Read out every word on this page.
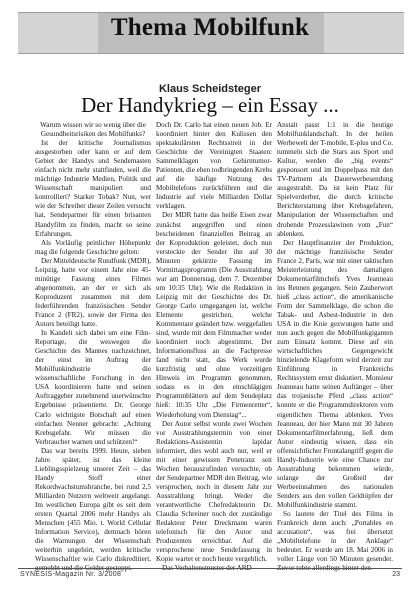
Thema Mobilfunk
Klaus Scheidsteger
Der Handykrieg – ein Essay ...

Warum wissen wir so wenig über die Gesundheitsrisiken des Mobilfunks?

Ist der kritische Journalismus ausgestorben oder kann er auf dem Gebiet der Handys und Sendemasten einfach nicht mehr stattfinden, weil die mächtige Industrie Medien, Politik und Wissenschaft manipuliert und kontrolliert? Starker Tobak? Nun, wer wie der Schreiber dieser Zeilen versucht hat, Sendepartner für einen brisanten Handyfilm zu finden, macht so seine Erfahrungen.

Als Vorläufig peinlicher Höhepunkt mag die folgende Geschichte gelten:

Der Mitteldeutsche Rundfunk (MDR), Leipzig, hatte vor einem Jahr eine 45-minütige Fassung eines Filmes abgenommen, an der er sich als Koproduzent zusammen mit dem federführenden französischen Sender France 2 (FR2), sowie der Firma des Autors beteiligt hatte.

In Kandelt sich dabei um eine Film-Reportage, die weswegen die Geschichte des Mannes nachzeichnet, der einst im Auftrag der Mobilfunkindustrie die wissenschaftliche Forschung in den USA koordinieren hatte und seinen Auftraggeber zunehmend unerwünschte Ergebnisse präsentierte. Dr. George Carlo wichtigste Botschaft auf einen einfachen Nenner gebracht: „Achtung Krebsgefahr. Wir müssen die Verbraucher warnen und schützen!“

Das war bereits 1999. Heute, sieben Jahre später, ist das kleine Lieblingsspielzeug unserer Zeit – das Handy Stoff einer Rekordwachstumsbranche, bei rund 2,5 Milliarden Nutzern weltweit angelangt. Im westlichen Europa gibt es seit dem ersten Quartal 2006 mehr Handys als Menschen (455 Mio. t. World Cellular Information Service), demnach hören die Warnungen der Wissenschaft weiterhin ungehört, werden kritische Wissenschaftler wie Carlo diskreditiert,

Doch Dr. Carlo hat einen neuen Job. Er koordiniert hinter den Kulissen den spektakulärsten Rechtsstreit in der Geschichte der Vereinigten Staaten: Sammelklagen von Gehirntumor-Patienten, die eben todbringenden Krebs auf die häufige Nutzung des Mobiltelefons zurückführen und die Industrie auf viele Milliarden Dollar verklagen.

Der MDR hatte das heiße Eisen zwar zunächst angegriffen und einen bescheidenen finanziellen Beitrag an der Koproduktion geleistet, doch nun versteckte der Sender ihn auf 30 Minuten gekürzte Fassung im Vormittagsprogramm (Die Ausstrahlung war am Donnerstag, dem 7. Dezember um 10:35 Uhr). Wie die Redaktion in Leipzig mit der Geschichte des Dr. George Carlo umgegangen ist, welche Elemente gestrichen, welche Kommentare geändert bzw. weggefallen sind, wurde mit dem Filmmacher weder koordiniert noch abgestimmt. Der Informationsfluss an die Fachpresse fand nicht statt, das Werk wurde kurzfristig und ohne vorzeitigen Hinweis im Programm genommen, sodass es in den einschlägigen Programmblättern auf dem Sendeplatz hieß: 10:35 Uhr „Die Firmenretter“, Wiederholung vom Dienstag“...

Der Autor selbst wurde zwei Wochen vor Ausstrahlungstermin von einer Redaktions-Assistentin lapidar informiert, dies wohl auch nur, weil er mit einer gewissen Penetranz seit Wochen herauszufinden versuchte, ob der Sendepartner MDR den Beitrag, wie versprochen, noch in diesem Jahr zur Ausstrahlung bringt. Weder die verantwortliche Chefredakteurin Dr. Claudia Schreiner noch der zuständige Redakteur Peter Dreckmann waren telefonisch für den Autor und Produzenten erreichbar. Auf die versprochene neue Sendefassung in Kopie wartet er noch heute vergeblich.

Anstalt passt 1:1 in die heutige Mobilfunklandschaft. In der heilen Werbewelt der T-mobile, E-plus und Co. tummeln sich die Stars aus Sport und Kultur, werden die „big events“ gesponsort und im Doppelpass mit den TV-Partnern als Dauerwerbesendung ausgestrahlt. Da ist kein Platz für Spielverderber, die durch kritische Berichterstattung über Krebsgefahren, Manipulation der Wissenschaften und drohende Prozesslawinen vom „Fun“ ablenken.

Der Hauptfinanzier der Produktion, der mächtige französische Sender France 2, Paris, war mit einer taktischen Meisterleistung des damaligen Dokumentarfilmchefs Yves Jeanneau ins Rennen gegangen. Sein Zauberwort hieß „class action“, die amerikanische Form der Sammelklage, die schon die Tabak- und Asbest-Industrie in den USA in die Knie gezwungen hatte und nun auch gegen die Mobilfunkgiganten zum Einsatz kommt. Diese auf ein wirtschaftliches Gegengewicht hinzielende Klageform wird derzeit zur Einführung in Frankreichs Rechtssystem ernst diskutiert. Monsieur Jeanneau hatte seinen Auftänger – über das trojanische Pferd „class action“ konnte er die Programmdirektoren vom eigentlichen Thema ablenken. Yves Jeanneau, der hier Mann mit 30 Jahren Dokumentarfilmerfahrung, ließ dem Autor eindeutig wissen, dass ein offensichtlicher Frontalangriff gegen die Handy-Industrie wie eine Chance zur Ausstrahlung bekommen würde, solange der Großteil der Werbeeinnahmen des nationalen Senders aus den vollen Geldtöpfen der Mobilfunkindustrie stammt.

So lautete der Titel des Films in Frankreich denn auch: „Portables en accusation“, was frei übersetzt „Mobiltelefone in der Anklage“ bedeutet. Er wurde am 18. Mai 2006 in voller Länge von 50 Minuten gesendet.

SYNESIS-Magazin Nr. 3/2008	23
